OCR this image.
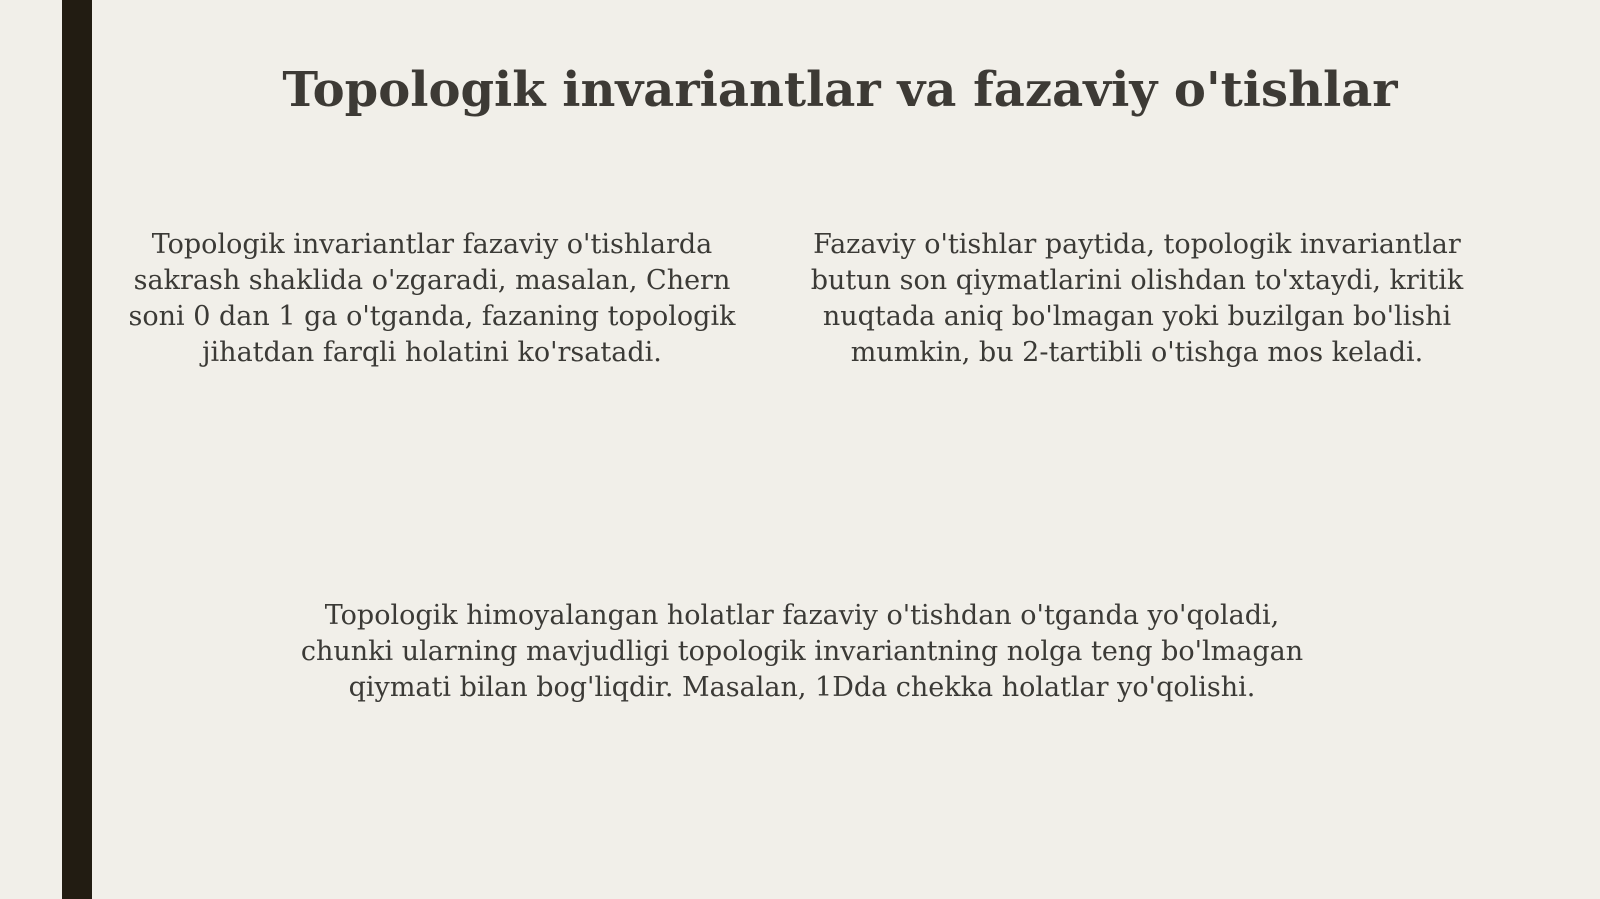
Topologik invariantlar va fazaviy o'tishlar

Topologik invariantlar fazaviy o'tishlarda sakrash shaklida o'zgaradi, masalan, Chern soni 0 dan 1 ga o'tganda, fazaning topologik jihatdan farqli holatini ko'rsatadi.

Fazaviy o'tishlar paytida, topologik invariantlar butun son qiymatlarini olishdan to'xtaydi, kritik nuqtada aniq bo'lmagan yoki buzilgan bo'lishi mumkin, bu 2-tartibli o'tishga mos keladi.

Topologik himoyalangan holatlar fazaviy o'tishdan o'tganda yo'qoladi, chunki ularning mavjudligi topologik invariantning nolga teng bo'lmagan qiymati bilan bog'liqdir. Masalan, 1Dda chekka holatlar yo'qolishi.
